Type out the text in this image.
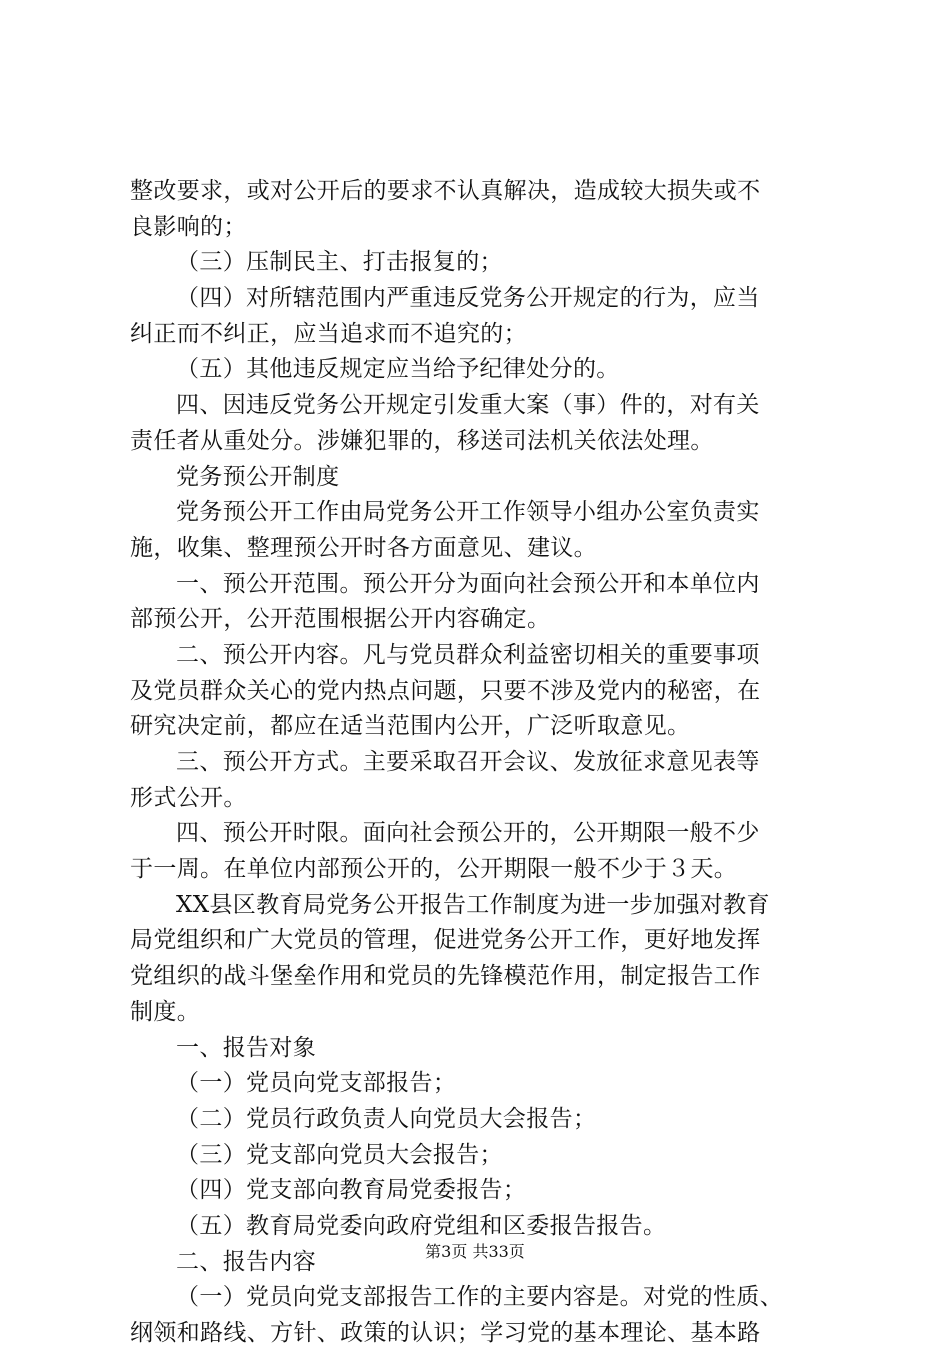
整改要求，或对公开后的要求不认真解决，造成较大损失或不
良影响的；
（三）压制民主、打击报复的；
（四）对所辖范围内严重违反党务公开规定的行为，应当
纠正而不纠正，应当追求而不追究的；
（五）其他违反规定应当给予纪律处分的。
四、因违反党务公开规定引发重大案（事）件的，对有关
责任者从重处分。涉嫌犯罪的，移送司法机关依法处理。
党务预公开制度
党务预公开工作由局党务公开工作领导小组办公室负责实
施，收集、整理预公开时各方面意见、建议。
一、预公开范围。预公开分为面向社会预公开和本单位内
部预公开，公开范围根据公开内容确定。
二、预公开内容。凡与党员群众利益密切相关的重要事项
及党员群众关心的党内热点问题，只要不涉及党内的秘密，在
研究决定前，都应在适当范围内公开，广泛听取意见。
三、预公开方式。主要采取召开会议、发放征求意见表等
形式公开。
四、预公开时限。面向社会预公开的，公开期限一般不少
于一周。在单位内部预公开的，公开期限一般不少于３天。
XX县区教育局党务公开报告工作制度为进一步加强对教育
局党组织和广大党员的管理，促进党务公开工作，更好地发挥
党组织的战斗堡垒作用和党员的先锋模范作用，制定报告工作
制度。
一、报告对象
（一）党员向党支部报告；
（二）党员行政负责人向党员大会报告；
（三）党支部向党员大会报告；
（四）党支部向教育局党委报告；
（五）教育局党委向政府党组和区委报告报告。
二、报告内容
（一）党员向党支部报告工作的主要内容是。对党的性质、
纲领和路线、方针、政策的认识；学习党的基本理论、基本路
第3页 共33页
